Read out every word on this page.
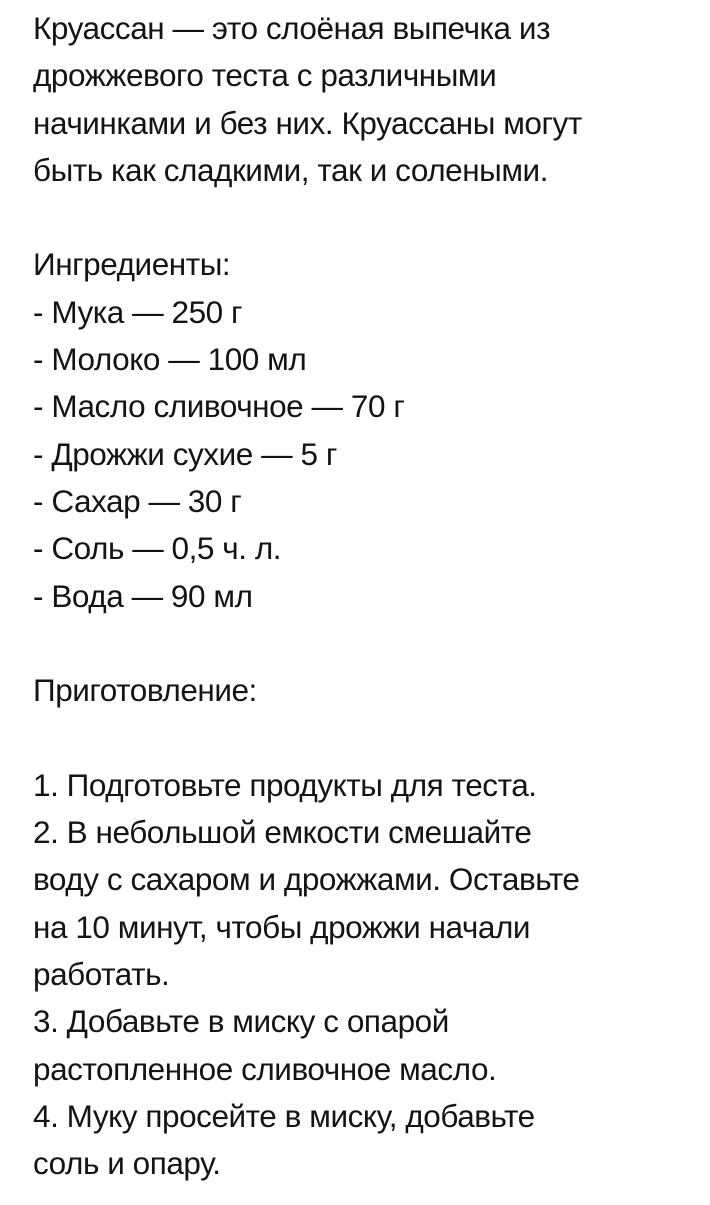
Круассан — это слоёная выпечка из
дрожжевого теста с различными
начинками и без них. Круассаны могут
быть как сладкими, так и солеными.
Ингредиенты:
- Мука — 250 г
- Молоко — 100 мл
- Масло сливочное — 70 г
- Дрожжи сухие — 5 г
- Сахар — 30 г
- Соль — 0,5 ч. л.
- Вода — 90 мл
Приготовление:
1. Подготовьте продукты для теста.
2. В небольшой емкости смешайте
воду с сахаром и дрожжами. Оставьте
на 10 минут, чтобы дрожжи начали
работать.
3. Добавьте в миску с опарой
растопленное сливочное масло.
4. Муку просейте в миску, добавьте
соль и опару.
